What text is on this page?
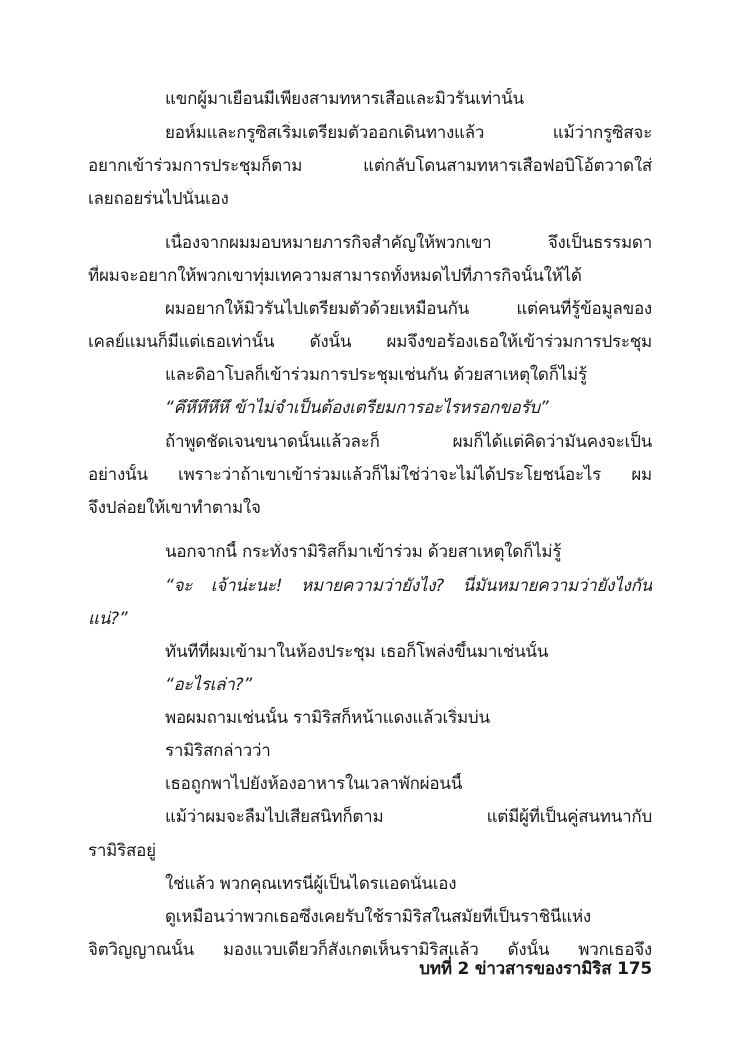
แขกผู้มาเยือนมีเพียงสามทหารเสือและมิวรันเท่านั้น
ยอห์มและกรูซิสเริ่มเตรียมตัวออกเดินทางแล้ว แม้ว่ากรูซิสจะ
อยากเข้าร่วมการประชุมก็ตาม แต่กลับโดนสามทหารเสือฟอบิโอ้ตวาดใส่
เลยถอยร่นไปนั่นเอง
เนื่องจากผมมอบหมายภารกิจสำคัญให้พวกเขา จึงเป็นธรรมดา
ที่ผมจะอยากให้พวกเขาทุ่มเทความสามารถทั้งหมดไปที่ภารกิจนั้นให้ได้
ผมอยากให้มิวรันไปเตรียมตัวด้วยเหมือนกัน แต่คนที่รู้ข้อมูลของ
เคลย์แมนก็มีแต่เธอเท่านั้น ดังนั้น ผมจึงขอร้องเธอให้เข้าร่วมการประชุม
และดิอาโบลก็เข้าร่วมการประชุมเช่นกัน ด้วยสาเหตุใดก็ไม่รู้
“คึหึหึหึหึ ข้าไม่จำเป็นต้องเตรียมการอะไรหรอกขอรับ”
ถ้าพูดชัดเจนขนาดนั้นแล้วละก็ ผมก็ได้แต่คิดว่ามันคงจะเป็น
อย่างนั้น เพราะว่าถ้าเขาเข้าร่วมแล้วก็ไม่ใช่ว่าจะไม่ได้ประโยชน์อะไร ผม
จึงปล่อยให้เขาทำตามใจ
นอกจากนี้ กระทั่งรามิริสก็มาเข้าร่วม ด้วยสาเหตุใดก็ไม่รู้
“จะ เจ้าน่ะนะ! หมายความว่ายังไง? นี่มันหมายความว่ายังไงกัน
แน่?”
ทันทีที่ผมเข้ามาในห้องประชุม เธอก็โพล่งขึ้นมาเช่นนั้น
“อะไรเล่า?”
พอผมถามเช่นนั้น รามิริสก็หน้าแดงแล้วเริ่มบ่น
รามิริสกล่าวว่า
เธอถูกพาไปยังห้องอาหารในเวลาพักผ่อนนี้
แม้ว่าผมจะลืมไปเสียสนิทก็ตาม แต่มีผู้ที่เป็นคู่สนทนากับ
รามิริสอยู่
ใช่แล้ว พวกคุณเทรนี่ผู้เป็นไดรแอดนั่นเอง
ดูเหมือนว่าพวกเธอซึ่งเคยรับใช้รามิริสในสมัยที่เป็นราชินีแห่ง
จิตวิญญาณนั้น มองแวบเดียวก็สังเกตเห็นรามิริสแล้ว ดังนั้น พวกเธอจึง
บทที่ 2 ข่าวสารของรามิริส 175
